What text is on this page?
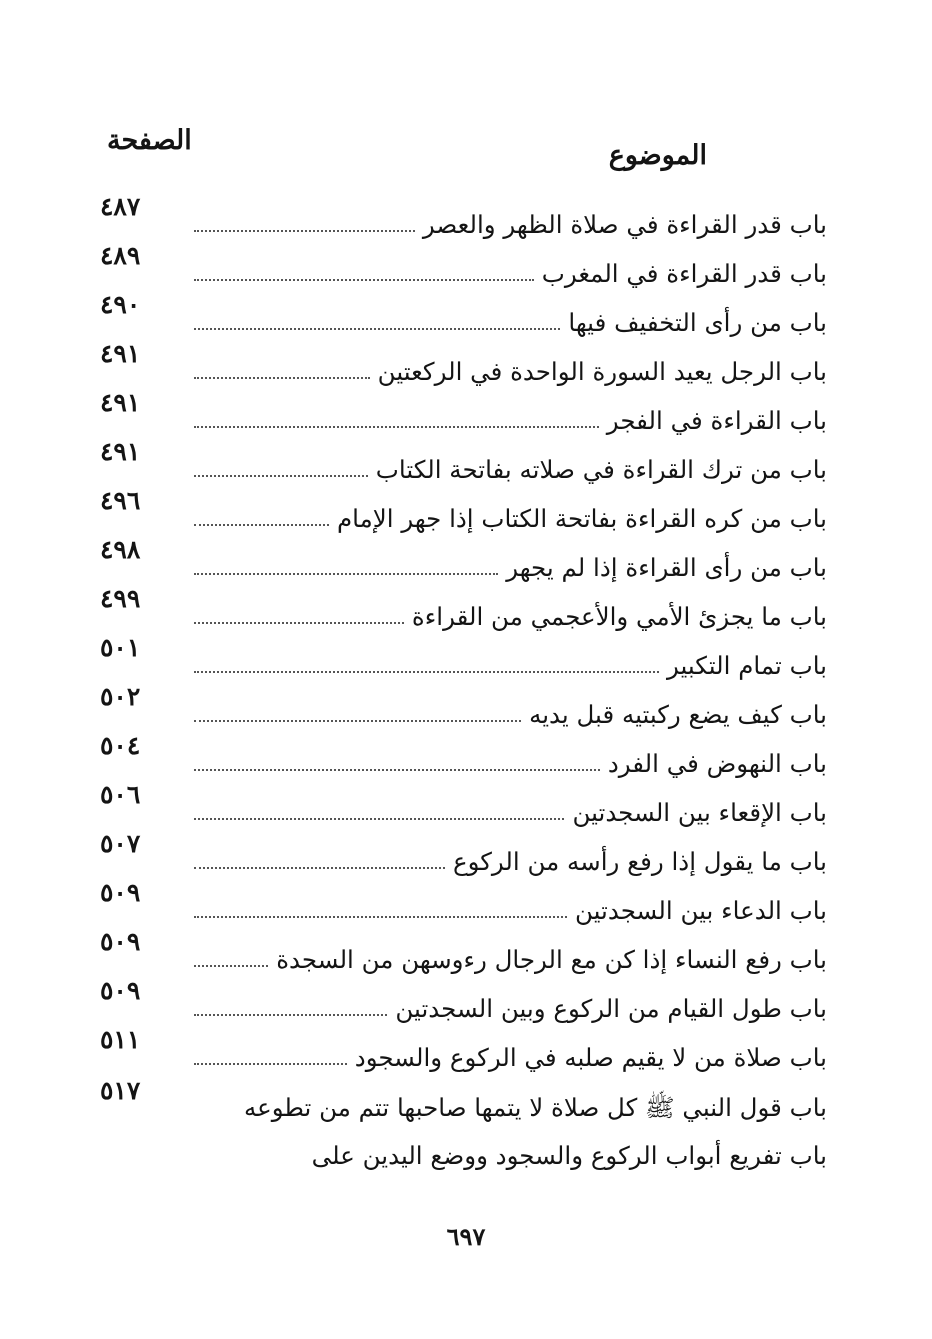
الموضوع
الصفحة
باب قدر القراءة في صلاة الظهر والعصر
٤٨٧
باب قدر القراءة في المغرب
٤٨٩
باب من رأى التخفيف فيها
٤٩٠
باب الرجل يعيد السورة الواحدة في الركعتين
٤٩١
باب القراءة في الفجر
٤٩١
باب من ترك القراءة في صلاته بفاتحة الكتاب
٤٩١
باب من كره القراءة بفاتحة الكتاب إذا جهر الإمام
٤٩٦
باب من رأى القراءة إذا لم يجهر
٤٩٨
باب ما يجزئ الأمي والأعجمي من القراءة
٤٩٩
باب تمام التكبير
٥٠١
باب كيف يضع ركبتيه قبل يديه
٥٠٢
باب النهوض في الفرد
٥٠٤
باب الإقعاء بين السجدتين
٥٠٦
باب ما يقول إذا رفع رأسه من الركوع
٥٠٧
باب الدعاء بين السجدتين
٥٠٩
باب رفع النساء إذا كن مع الرجال رءوسهن من السجدة
٥٠٩
باب طول القيام من الركوع وبين السجدتين
٥٠٩
باب صلاة من لا يقيم صلبه في الركوع والسجود
٥١١
باب قول النبي ﷺ كل صلاة لا يتمها صاحبها تتم من تطوعه
باب تفريع أبواب الركوع والسجود ووضع اليدين على
٥١٧
٦٩٧
